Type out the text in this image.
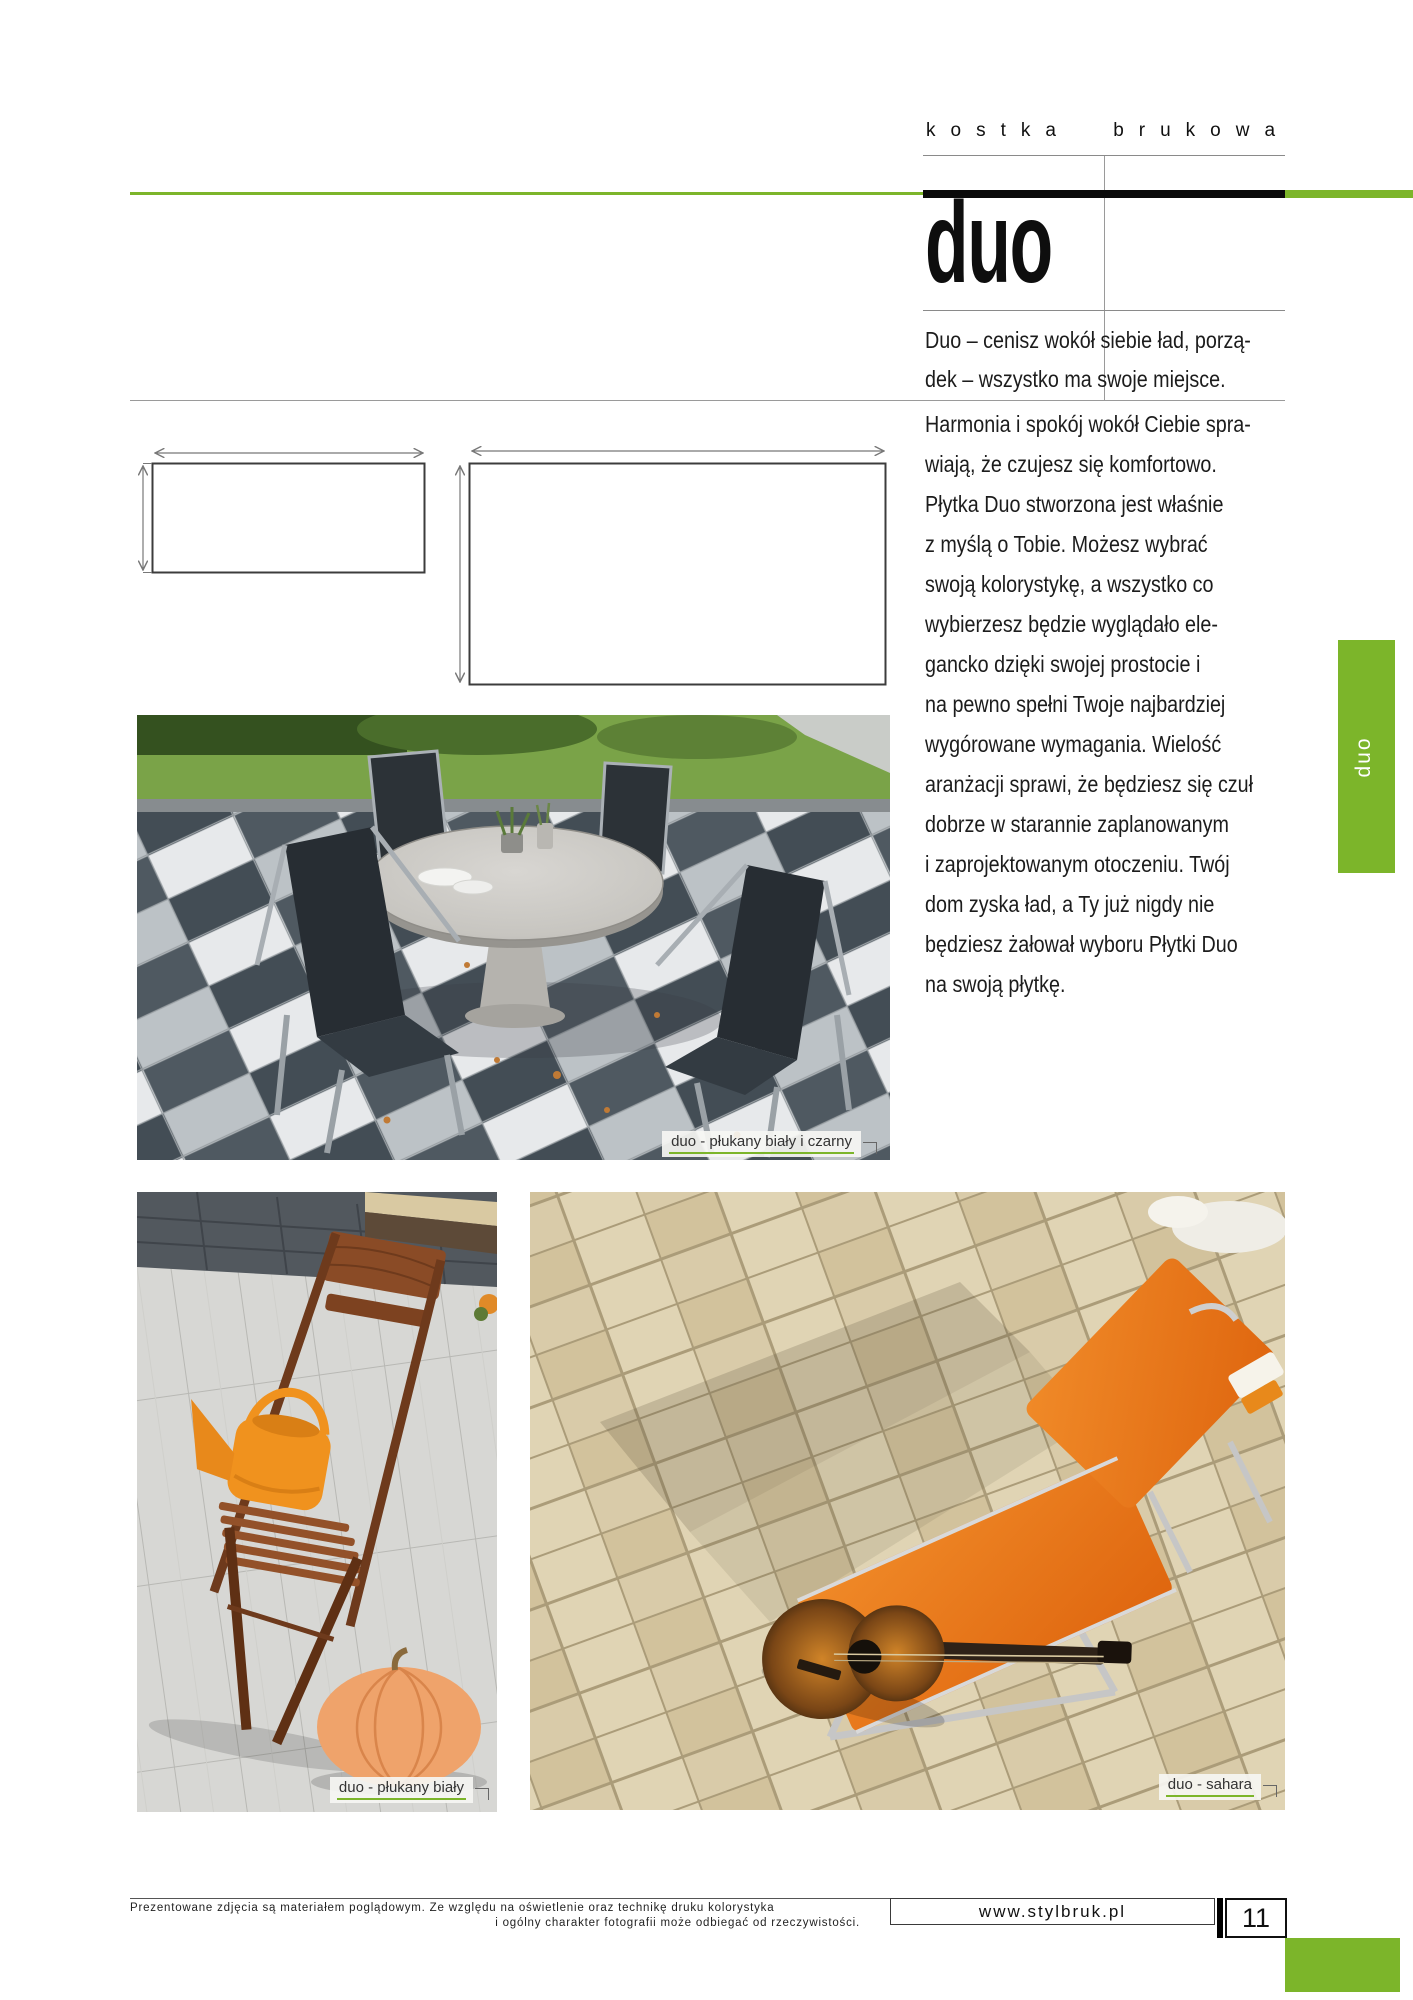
kostka brukowa
duo
Duo – cenisz wokół siebie ład, porzą-
dek – wszystko ma swoje miejsce.
Harmonia i spokój wokół Ciebie spra-
wiają, że czujesz się komfortowo.
Płytka Duo stworzona jest właśnie
z myślą o Tobie. Możesz wybrać
swoją kolorystykę, a wszystko co
wybierzesz będzie wyglądało ele-
gancko dzięki swojej prostocie i
na pewno spełni Twoje najbardziej
wygórowane wymagania. Wielość
aranżacji sprawi, że będziesz się czuł
dobrze w starannie zaplanowanym
i zaprojektowanym otoczeniu. Twój
dom zyska ład, a Ty już nigdy nie
będziesz żałował wyboru Płytki Duo
na swoją płytkę.
duo
duo - płukany biały i czarny
duo - płukany biały	duo - sahara
Prezentowane zdjęcia są materiałem poglądowym. Ze względu na oświetlenie oraz technikę druku kolorystyka
i ogólny charakter fotografii może odbiegać od rzeczywistości.
www.stylbruk.pl	11
